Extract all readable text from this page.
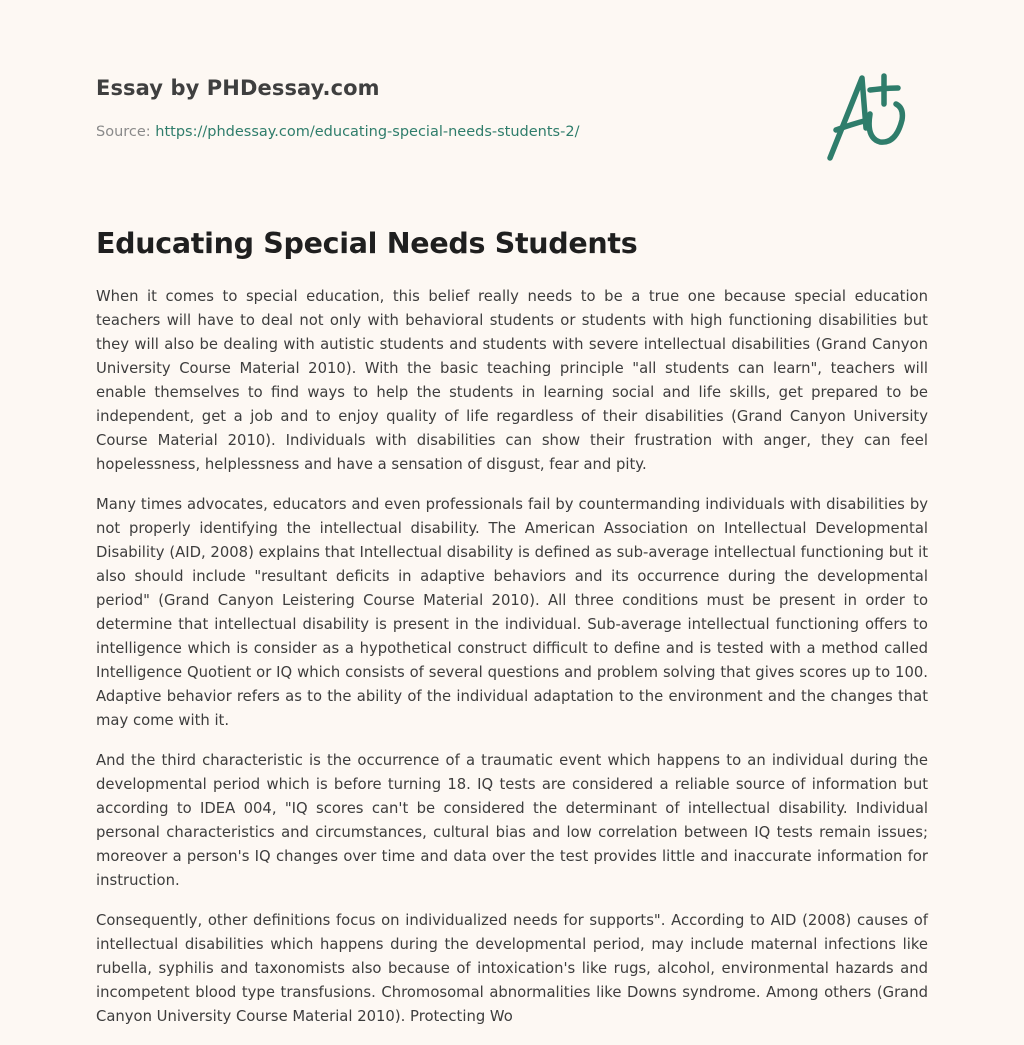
Essay by PHDessay.com
Source: https://phdessay.com/educating-special-needs-students-2/
Educating Special Needs Students

When it comes to special education, this belief really needs to be a true one because special education teachers will have to deal not only with behavioral students or students with high functioning disabilities but they will also be dealing with autistic students and students with severe intellectual disabilities (Grand Canyon University Course Material 2010). With the basic teaching principle "all students can learn", teachers will enable themselves to find ways to help the students in learning social and life skills, get prepared to be independent, get a job and to enjoy quality of life regardless of their disabilities (Grand Canyon University Course Material 2010). Individuals with disabilities can show their frustration with anger, they can feel hopelessness, helplessness and have a sensation of disgust, fear and pity.

Many times advocates, educators and even professionals fail by countermanding individuals with disabilities by not properly identifying the intellectual disability. The American Association on Intellectual Developmental Disability (AID, 2008) explains that Intellectual disability is defined as sub-average intellectual functioning but it also should include "resultant deficits in adaptive behaviors and its occurrence during the developmental period" (Grand Canyon Leistering Course Material 2010). All three conditions must be present in order to determine that intellectual disability is present in the individual. Sub-average intellectual functioning offers to intelligence which is consider as a hypothetical construct difficult to define and is tested with a method called Intelligence Quotient or IQ which consists of several questions and problem solving that gives scores up to 100. Adaptive behavior refers as to the ability of the individual adaptation to the environment and the changes that may come with it.

And the third characteristic is the occurrence of a traumatic event which happens to an individual during the developmental period which is before turning 18. IQ tests are considered a reliable source of information but according to IDEA 004, "IQ scores can't be considered the determinant of intellectual disability. Individual personal characteristics and circumstances, cultural bias and low correlation between IQ tests remain issues; moreover a person's IQ changes over time and data over the test provides little and inaccurate information for instruction.

Consequently, other definitions focus on individualized needs for supports". According to AID (2008) causes of intellectual disabilities which happens during the developmental period, may include maternal infections like rubella, syphilis and taxonomists also because of intoxication's like rugs, alcohol, environmental hazards and incompetent blood type transfusions. Chromosomal abnormalities like Downs syndrome. Among others (Grand Canyon University Course Material 2010). Protecting Wo
